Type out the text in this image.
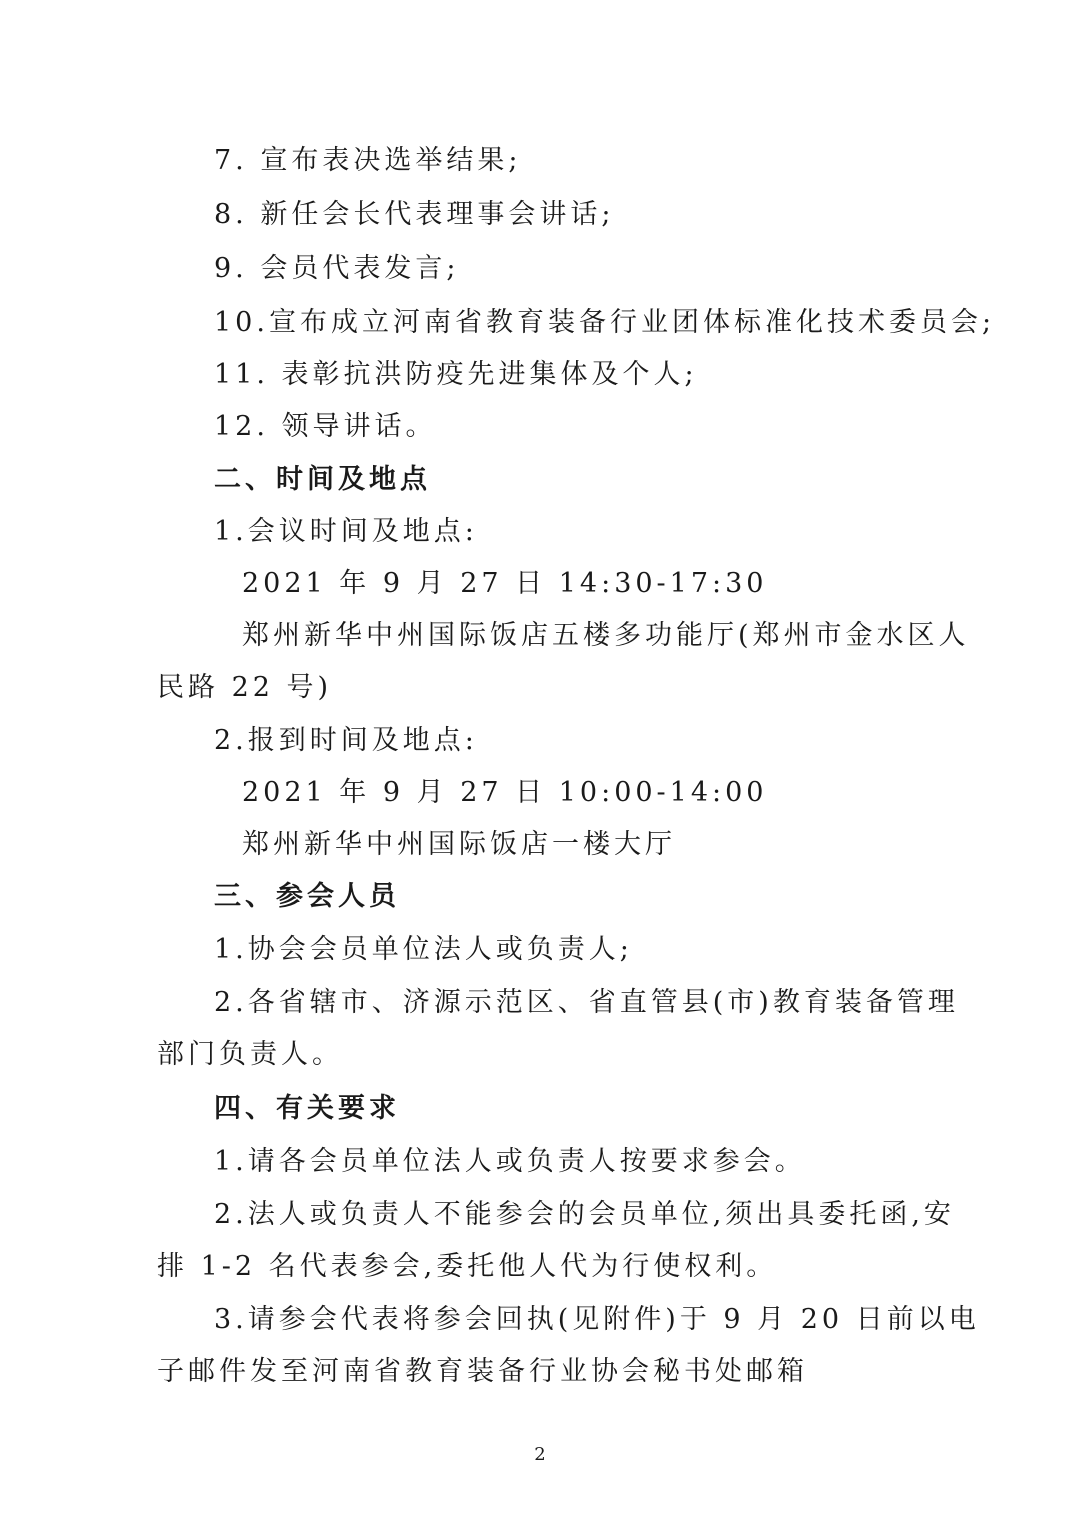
7. 宣布表决选举结果;
8. 新任会长代表理事会讲话;
9. 会员代表发言;
10.宣布成立河南省教育装备行业团体标准化技术委员会;
11. 表彰抗洪防疫先进集体及个人;
12. 领导讲话。
二、时间及地点
1.会议时间及地点:
2021 年 9 月 27 日 14:30-17:30
郑州新华中州国际饭店五楼多功能厅(郑州市金水区人
民路 22 号)
2.报到时间及地点:
2021 年 9 月 27 日 10:00-14:00
郑州新华中州国际饭店一楼大厅
三、参会人员
1.协会会员单位法人或负责人;
2.各省辖市、济源示范区、省直管县(市)教育装备管理
部门负责人。
四、有关要求
1.请各会员单位法人或负责人按要求参会。
2.法人或负责人不能参会的会员单位,须出具委托函,安
排 1-2 名代表参会,委托他人代为行使权利。
3.请参会代表将参会回执(见附件)于 9 月 20 日前以电
子邮件发至河南省教育装备行业协会秘书处邮箱
2
